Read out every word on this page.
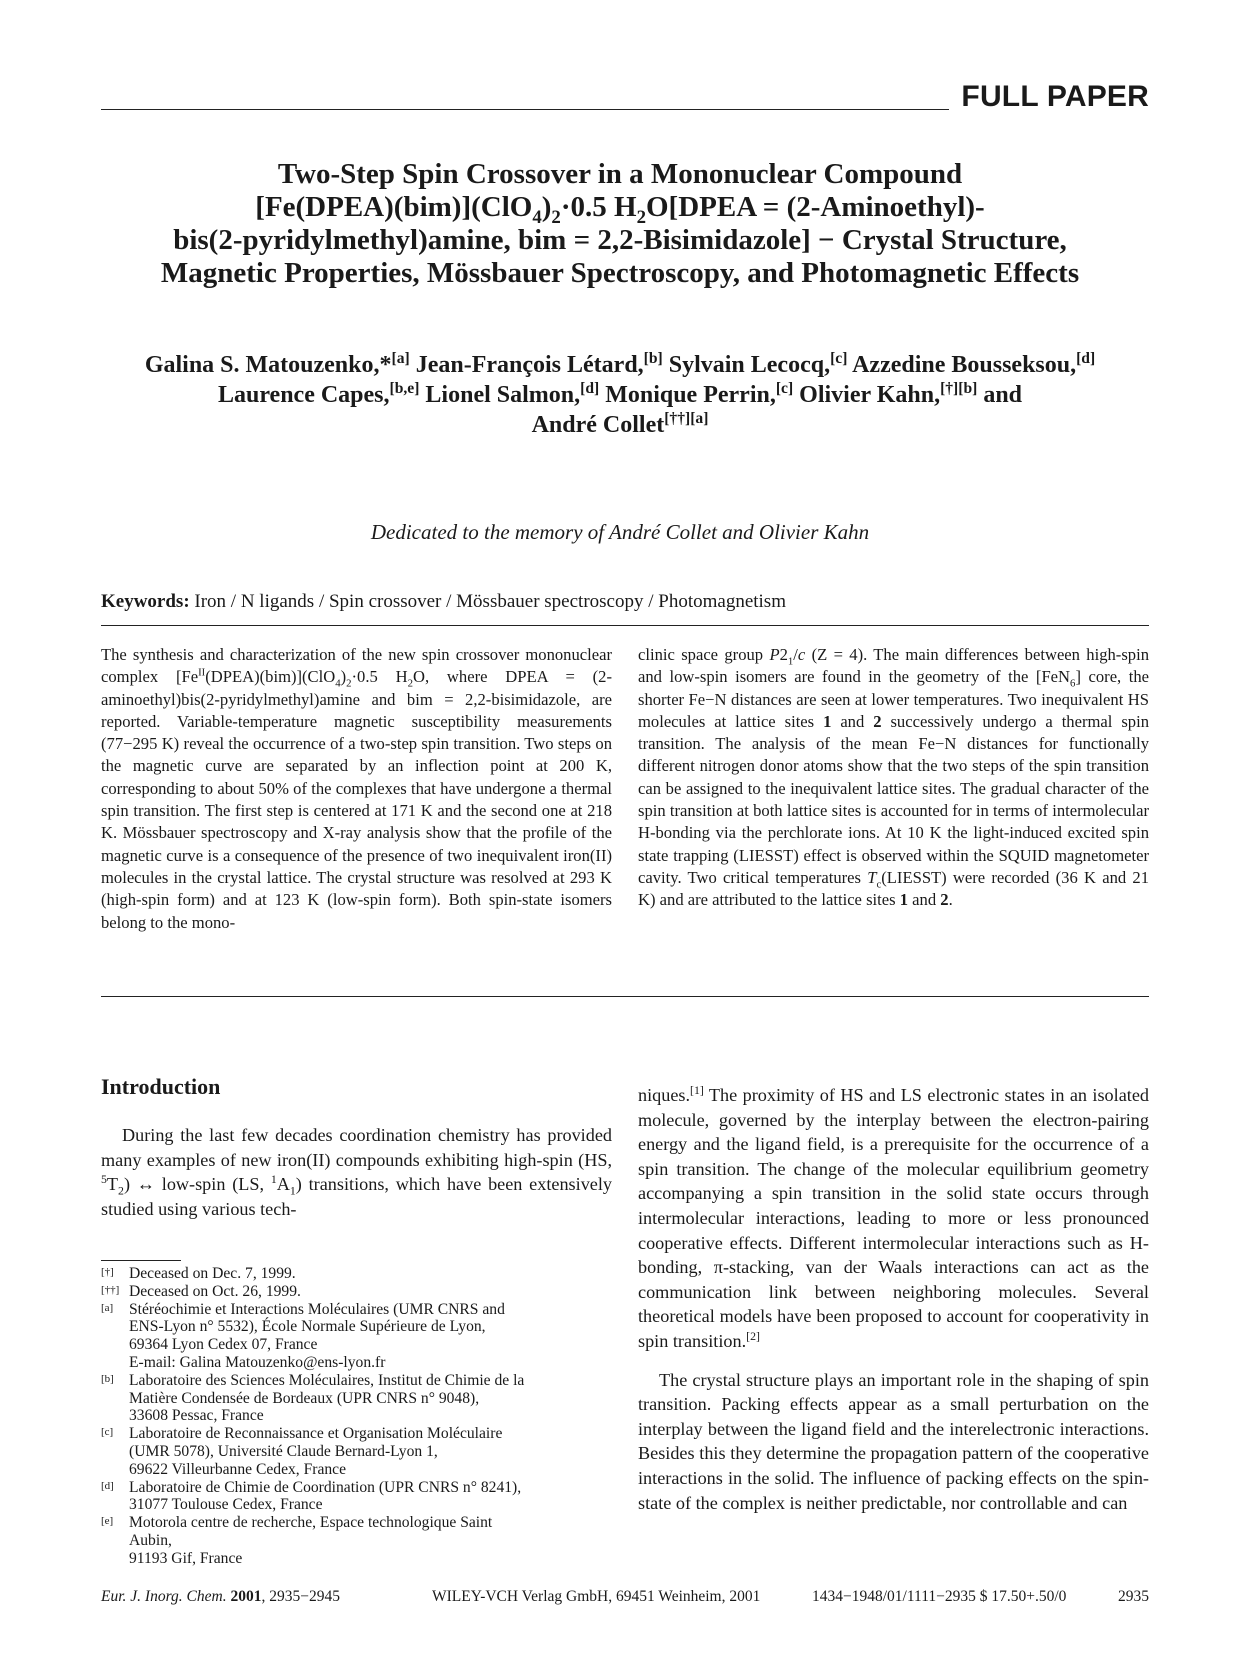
FULL PAPER
Two-Step Spin Crossover in a Mononuclear Compound
$[Fe(DPEA)(bim)](ClO_4)_2\cdot 0.5$ $H_2O[DPEA$ = (2-Aminoethyl)-
bis(2-pyridylmethyl)amine, bim = 2,2-Bisimidazole] − Crystal Structure,
Magnetic Properties, Mössbauer Spectroscopy, and Photomagnetic Effects
Galina S. Matouzenko,*[a] Jean-François Létard,[b] Sylvain Lecocq,[c] Azzedine Bousseksou,[d]
Laurence Capes,[b,e] Lionel Salmon,[d] Monique Perrin,[c] Olivier Kahn,[†][b] and
André Collet[††][a]
Dedicated to the memory of André Collet and Olivier Kahn
Keywords: Iron / N ligands / Spin crossover / Mössbauer spectroscopy / Photomagnetism
The synthesis and characterization of the new spin crossover mononuclear complex $[Fe^{II}(DPEA)(bim)](ClO_4)_2\cdot 0.5$ $H_2O$, where DPEA = (2-aminoethyl)bis(2-pyridylmethyl)amine and bim = 2,2-bisimidazole, are reported. Variable-temperature magnetic susceptibility measurements (77−295 K) reveal the occurrence of a two-step spin transition. Two steps on the magnetic curve are separated by an inflection point at 200 K, corresponding to about 50% of the complexes that have undergone a thermal spin transition. The first step is centered at 171 K and the second one at 218 K. Mössbauer spectroscopy and X-ray analysis show that the profile of the magnetic curve is a consequence of the presence of two inequivalent iron(II) molecules in the crystal lattice. The crystal structure was resolved at 293 K (high-spin form) and at 123 K (low-spin form). Both spin-state isomers belong to the mono-
clinic space group $P2_1/c$ (Z = 4). The main differences between high-spin and low-spin isomers are found in the geometry of the [FeN$_6$] core, the shorter Fe−N distances are seen at lower temperatures. Two inequivalent HS molecules at lattice sites 1 and 2 successively undergo a thermal spin transition. The analysis of the mean Fe−N distances for functionally different nitrogen donor atoms show that the two steps of the spin transition can be assigned to the inequivalent lattice sites. The gradual character of the spin transition at both lattice sites is accounted for in terms of intermolecular H-bonding via the perchlorate ions. At 10 K the light-induced excited spin state trapping (LIESST) effect is observed within the SQUID magnetometer cavity. Two critical temperatures $T_c(LIESST)$ were recorded (36 K and 21 K) and are attributed to the lattice sites 1 and 2.
Introduction
During the last few decades coordination chemistry has provided many examples of new iron(II) compounds exhibiting high-spin (HS, $^5T_2$) ↔ low-spin (LS, $^1A_1$) transitions, which have been extensively studied using various tech-

niques.[1] The proximity of HS and LS electronic states in an isolated molecule, governed by the interplay between the electron-pairing energy and the ligand field, is a prerequisite for the occurrence of a spin transition. The change of the molecular equilibrium geometry accompanying a spin transition in the solid state occurs through intermolecular interactions, leading to more or less pronounced cooperative effects. Different intermolecular interactions such as H-bonding, π-stacking, van der Waals interactions can act as the communication link between neighboring molecules. Several theoretical models have been proposed to account for cooperativity in spin transition.[2]

The crystal structure plays an important role in the shaping of spin transition. Packing effects appear as a small perturbation on the interplay between the ligand field and the interelectronic interactions. Besides this they determine the propagation pattern of the cooperative interactions in the solid. The influence of packing effects on the spin-state of the complex is neither predictable, nor controllable and can

[†] Deceased on Dec. 7, 1999.
[††] Deceased on Oct. 26, 1999.
[a] Stéréochimie et Interactions Moléculaires (UMR CNRS and
ENS-Lyon n° 5532), École Normale Supérieure de Lyon,
69364 Lyon Cedex 07, France
E-mail: Galina Matouzenko@ens-lyon.fr
[b] Laboratoire des Sciences Moléculaires, Institut de Chimie de la
Matière Condensée de Bordeaux (UPR CNRS n° 9048),
33608 Pessac, France
[c] Laboratoire de Reconnaissance et Organisation Moléculaire
(UMR 5078), Université Claude Bernard-Lyon 1,
69622 Villeurbanne Cedex, France
[d] Laboratoire de Chimie de Coordination (UPR CNRS n° 8241),
31077 Toulouse Cedex, France
[e] Motorola centre de recherche, Espace technologique Saint
Aubin,
91193 Gif, France
Eur. J. Inorg. Chem. 2001, 2935−2945	WILEY-VCH Verlag GmbH, 69451 Weinheim, 2001	1434−1948/01/1111−2935 $ 17.50+.50/0	2935
